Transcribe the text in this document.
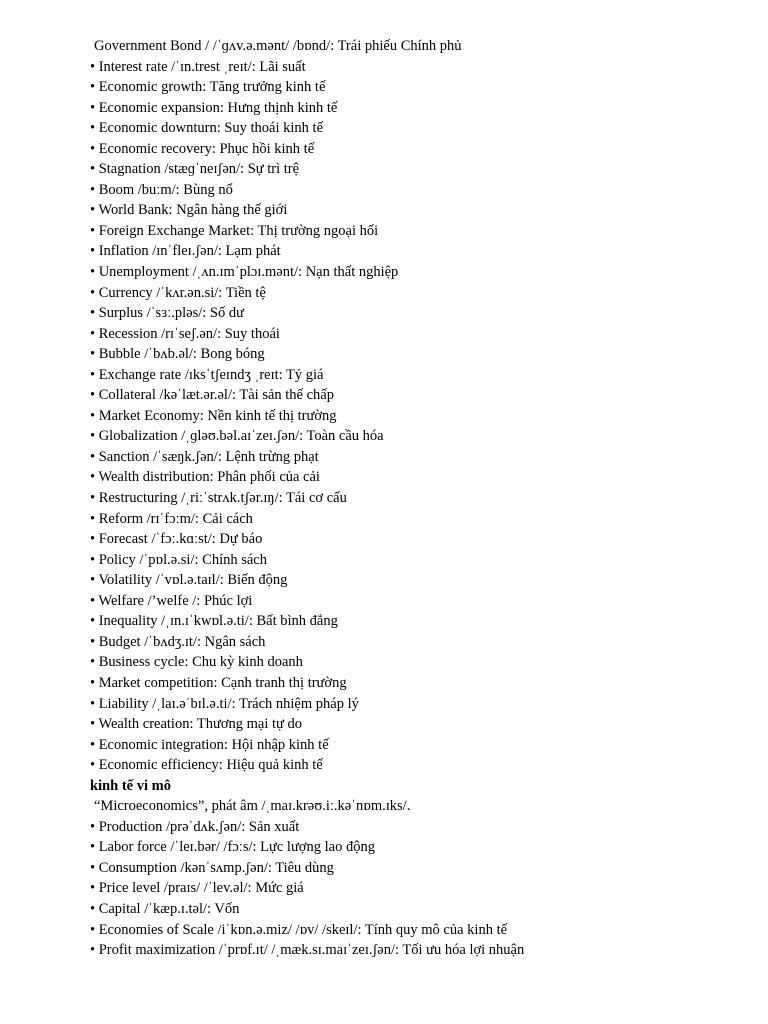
Government Bond / /ˈɡʌv.ə.mənt/ /bɒnd/: Trái phiếu Chính phủ
• Interest rate /ˈɪn.trest ˌreɪt/: Lãi suất
• Economic growth: Tăng trưởng kinh tế
• Economic expansion: Hưng thịnh kinh tế
• Economic downturn: Suy thoái kinh tế
• Economic recovery: Phục hồi kinh tế
• Stagnation /stæɡˈneɪʃən/: Sự trì trệ
• Boom /buːm/: Bùng nổ
• World Bank: Ngân hàng thế giới
• Foreign Exchange Market: Thị trường ngoại hối
• Inflation /ɪnˈfleɪ.ʃən/: Lạm phát
• Unemployment /ˌʌn.ɪmˈplɔɪ.mənt/: Nạn thất nghiệp
• Currency /ˈkʌr.ən.si/: Tiền tệ
• Surplus /ˈsɜː.pləs/: Số dư
• Recession /rɪˈseʃ.ən/: Suy thoái
• Bubble /ˈbʌb.əl/: Bong bóng
• Exchange rate /ɪksˈtʃeɪndʒ ˌreɪt: Tỷ giá
• Collateral /kəˈlæt.ər.əl/: Tài sản thế chấp
• Market Economy: Nền kinh tế thị trường
• Globalization /ˌɡləʊ.bəl.aɪˈzeɪ.ʃən/: Toàn cầu hóa
• Sanction /ˈsæŋk.ʃən/: Lệnh trừng phạt
• Wealth distribution: Phân phối của cải
• Restructuring /ˌriːˈstrʌk.tʃər.ɪŋ/: Tái cơ cấu
• Reform /rɪˈfɔːm/: Cải cách
• Forecast /ˈfɔː.kɑːst/: Dự báo
• Policy /ˈpɒl.ə.si/: Chính sách
• Volatility /ˈvɒl.ə.taɪl/: Biến động
• Welfare /’welfe /: Phúc lợi
• Inequality /ˌɪn.ɪˈkwɒl.ə.ti/: Bất bình đẳng
• Budget /ˈbʌdʒ.ɪt/: Ngân sách
• Business cycle: Chu kỳ kinh doanh
• Market competition: Cạnh tranh thị trường
• Liability /ˌlaɪ.əˈbɪl.ə.ti/: Trách nhiệm pháp lý
• Wealth creation: Thương mại tự do
• Economic integration: Hội nhập kinh tế
• Economic efficiency: Hiệu quả kinh tế
kinh tế vi mô
“Microeconomics”, phát âm /ˌmaɪ.krəʊ.iː.kəˈnɒm.ɪks/.
• Production /prəˈdʌk.ʃən/: Sản xuất
• Labor force /ˈleɪ.bər/ /fɔːs/: Lực lượng lao động
• Consumption /kənˈsʌmp.ʃən/: Tiêu dùng
• Price level /praɪs/ /ˈlev.əl/: Mức giá
• Capital /ˈkæp.ɪ.təl/: Vốn
• Economies of Scale /iˈkɒn.ə.miz/ /ɒv/ /skeɪl/: Tính quy mô của kinh tế
• Profit maximization /ˈprɒf.ɪt/ /ˌmæk.sɪ.maɪˈzeɪ.ʃən/: Tối ưu hóa lợi nhuận
